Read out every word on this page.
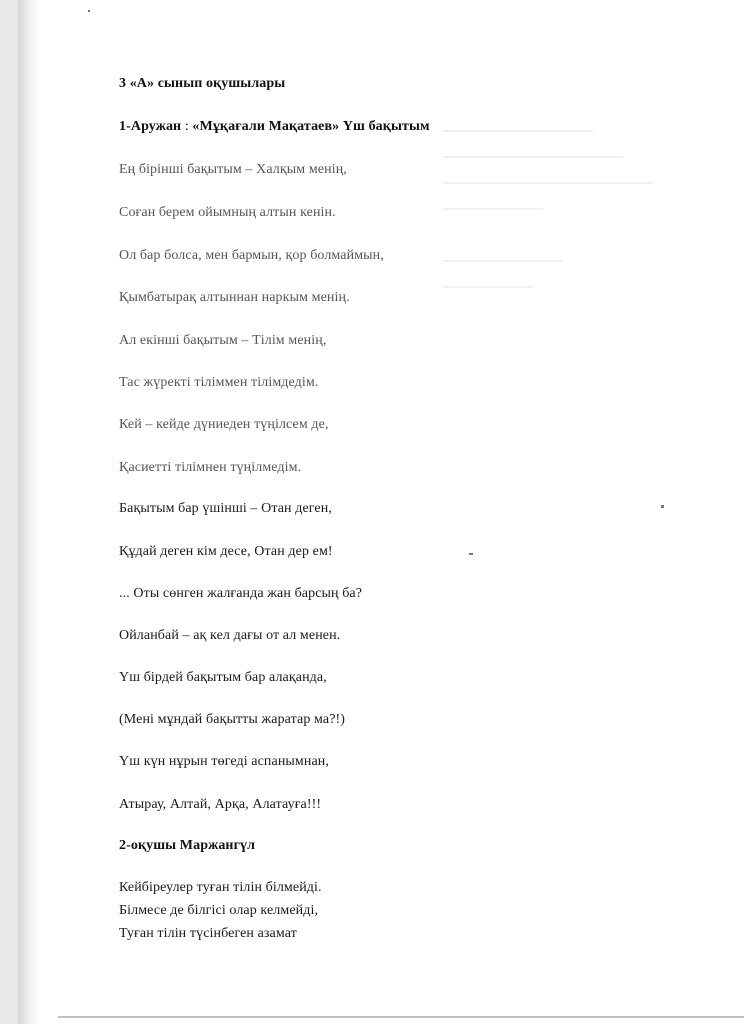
3 «А» сынып оқушылары
1-Аружан : «Мұқағали Мақатаев» Үш бақытым
Ең бірінші бақытым – Халқым менің,
Соған берем ойымның алтын кенін.
Ол бар болса, мен бармын, қор болмаймын,
Қымбатырақ алтыннан наркым менің.
Ал екінші бақытым – Тілім менің,
Тас жүректі тіліммен тілімдедім.
Кей – кейде дүниеден түңілсем де,
Қасиетті тілімнен түңілмедім.
Бақытым бар үшінші – Отан деген,
Құдай деген кім десе, Отан дер ем!
... Оты сөнген жалғанда жан барсың ба?
Ойланбай – ақ кел дағы от ал менен.
Үш бірдей бақытым бар алақанда,
(Мені мұндай бақытты жаратар ма?!)
Үш күн нұрын төгеді аспанымнан,
Атырау, Алтай, Арқа, Алатауға!!!
2-оқушы Маржангүл
Кейбіреулер туған тілін білмейді.
Білмесе де білгісі олар келмейді,
Туған тілін түсінбеген азамат
